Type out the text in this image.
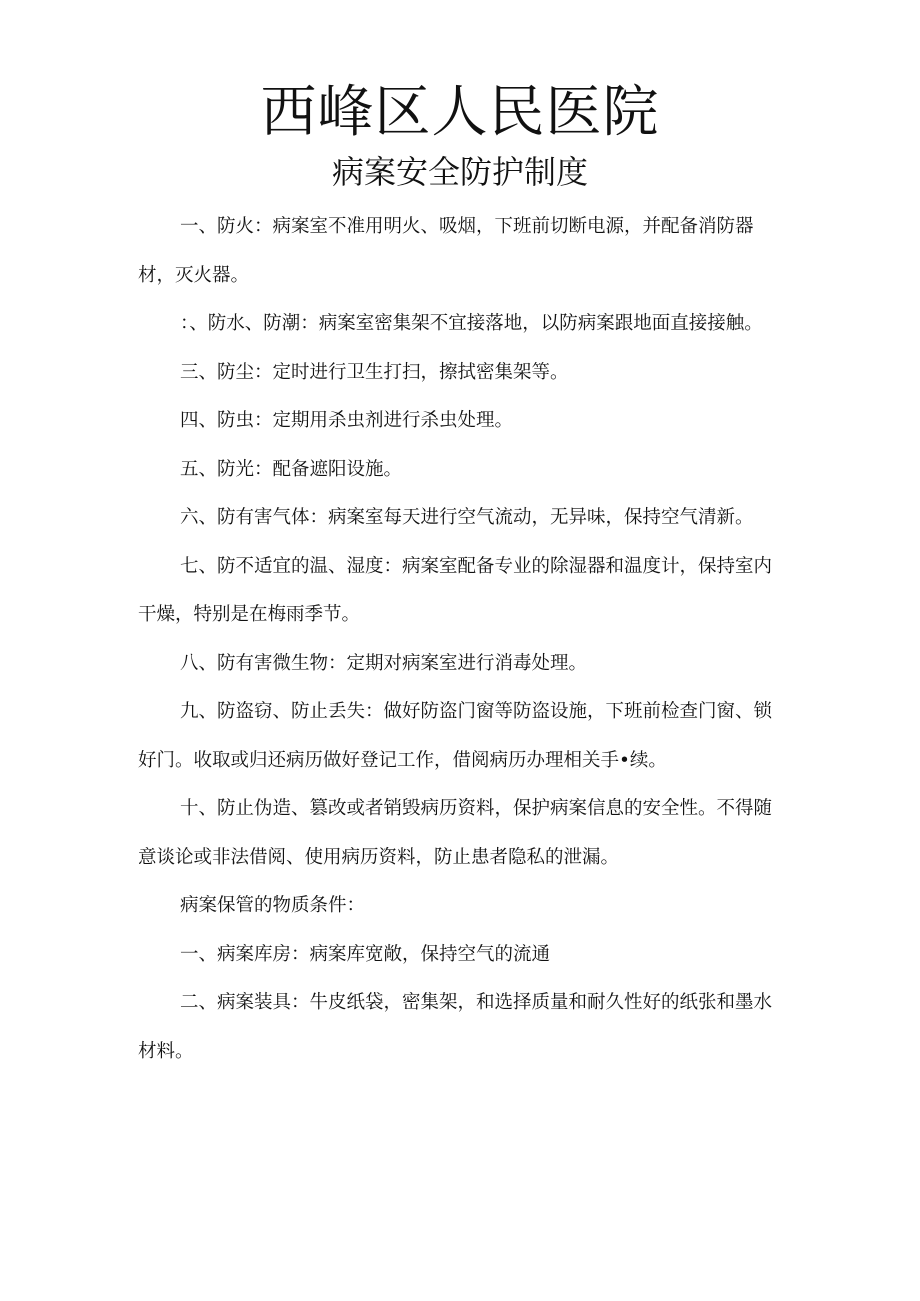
西峰区人民医院
病案安全防护制度

一、防火：病案室不准用明火、吸烟，下班前切断电源，并配备消防器材，灭火器。

：、防水、防潮：病案室密集架不宜接落地，以防病案跟地面直接接触。

三、防尘：定时进行卫生打扫，擦拭密集架等。

四、防虫：定期用杀虫剂进行杀虫处理。

五、防光：配备遮阳设施。

六、防有害气体：病案室每天进行空气流动，无异味，保持空气清新。

七、防不适宜的温、湿度：病案室配备专业的除湿器和温度计，保持室内干燥，特别是在梅雨季节。

八、防有害微生物：定期对病案室进行消毒处理。

九、防盗窃、防止丢失：做好防盗门窗等防盗设施，下班前检查门窗、锁好门。收取或归还病历做好登记工作，借阅病历办理相关手•续。

十、防止伪造、篡改或者销毁病历资料，保护病案信息的安全性。不得随意谈论或非法借阅、使用病历资料，防止患者隐私的泄漏。

病案保管的物质条件：

一、病案库房：病案库宽敞，保持空气的流通

二、病案装具：牛皮纸袋，密集架，和选择质量和耐久性好的纸张和墨水材料。
